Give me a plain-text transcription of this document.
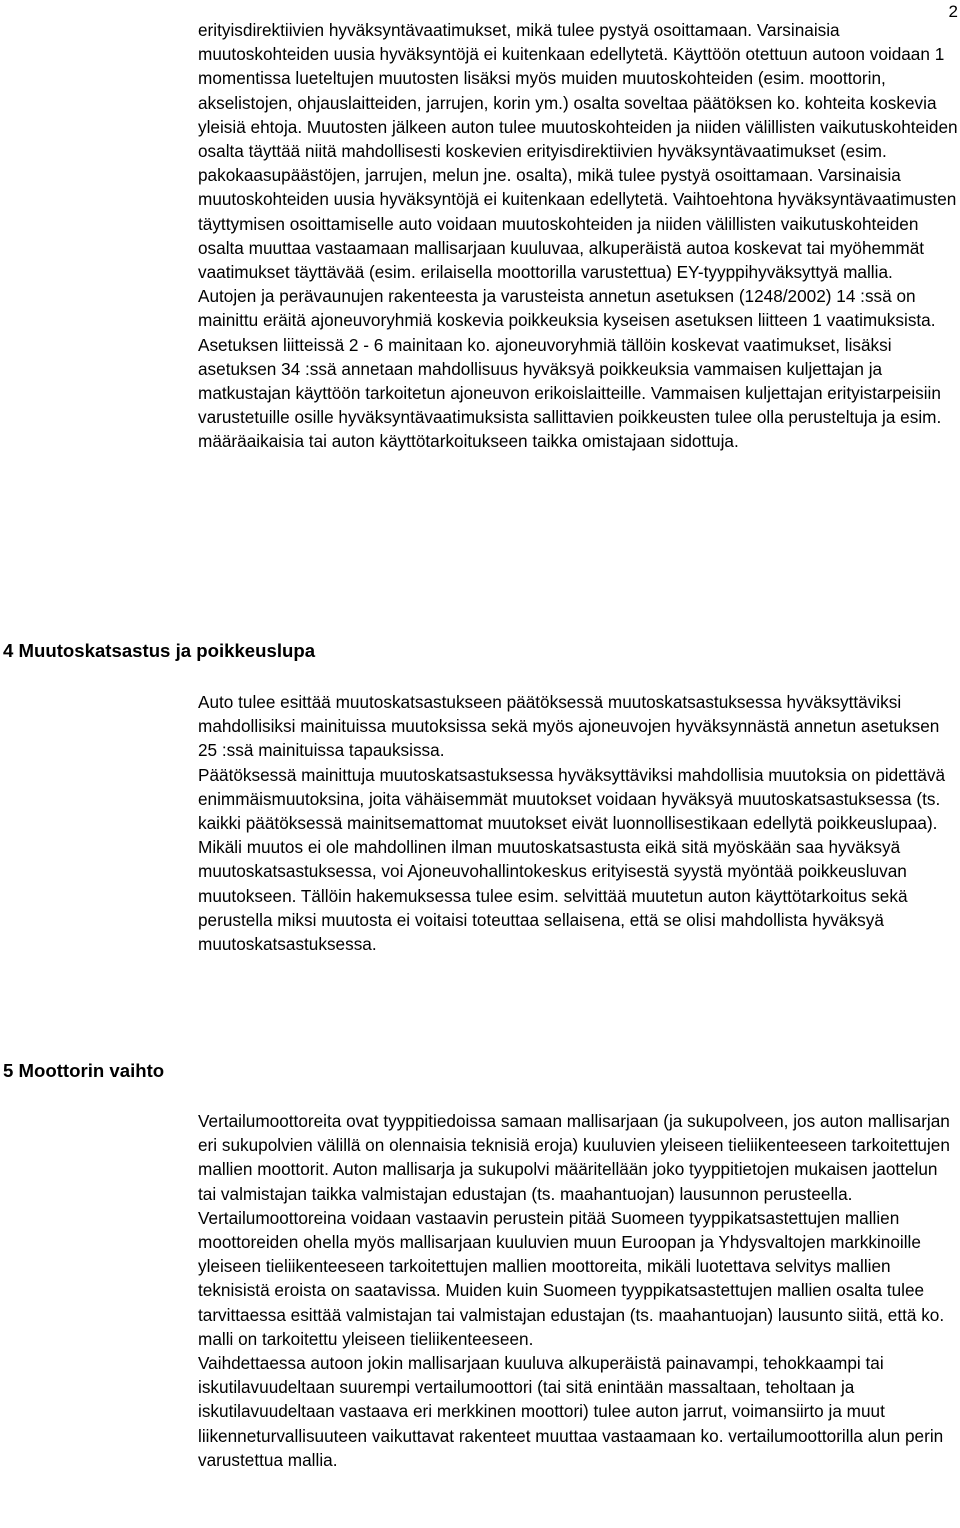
2

erityisdirektiivien hyväksyntävaatimukset, mikä tulee pystyä osoittamaan. Varsinaisia muutoskohteiden uusia hyväksyntöjä ei kuitenkaan edellytetä. Käyttöön otettuun autoon voidaan 1 momentissa lueteltujen muutosten lisäksi myös muiden muutoskohteiden (esim. moottorin, akselistojen, ohjauslaitteiden, jarrujen, korin ym.) osalta soveltaa päätöksen ko. kohteita koskevia yleisiä ehtoja. Muutosten jälkeen auton tulee muutoskohteiden ja niiden välillisten vaikutuskohteiden osalta täyttää niitä mahdollisesti koskevien erityisdirektiivien hyväksyntävaatimukset (esim. pakokaasupäästöjen, jarrujen, melun jne. osalta), mikä tulee pystyä osoittamaan. Varsinaisia muutoskohteiden uusia hyväksyntöjä ei kuitenkaan edellytetä. Vaihtoehtona hyväksyntävaatimusten täyttymisen osoittamiselle auto voidaan muutoskohteiden ja niiden välillisten vaikutuskohteiden osalta muuttaa vastaamaan mallisarjaan kuuluvaa, alkuperäistä autoa koskevat tai myöhemmät vaatimukset täyttävää (esim. erilaisella moottorilla varustettua) EY-tyyppihyväksyttyä mallia.

Autojen ja perävaunujen rakenteesta ja varusteista annetun asetuksen (1248/2002) 14 :ssä on mainittu eräitä ajoneuvoryhmiä koskevia poikkeuksia kyseisen asetuksen liitteen 1 vaatimuksista. Asetuksen liitteissä 2 - 6 mainitaan ko. ajoneuvoryhmiä tällöin koskevat vaatimukset, lisäksi asetuksen 34 :ssä annetaan mahdollisuus hyväksyä poikkeuksia vammaisen kuljettajan ja matkustajan käyttöön tarkoitetun ajoneuvon erikoislaitteille. Vammaisen kuljettajan erityistarpeisiin varustetuille osille hyväksyntävaatimuksista sallittavien poikkeusten tulee olla perusteltuja ja esim. määräaikaisia tai auton käyttötarkoitukseen taikka omistajaan sidottuja.

4 Muutoskatsastus ja poikkeuslupa

Auto tulee esittää muutoskatsastukseen päätöksessä muutoskatsastuksessa hyväksyttäviksi mahdollisiksi mainituissa muutoksissa sekä myös ajoneuvojen hyväksynnästä annetun asetuksen 25 :ssä mainituissa tapauksissa.

Päätöksessä mainittuja muutoskatsastuksessa hyväksyttäviksi mahdollisia muutoksia on pidettävä enimmäismuutoksina, joita vähäisemmät muutokset voidaan hyväksyä muutoskatsastuksessa (ts. kaikki päätöksessä mainitsemattomat muutokset eivät luonnollisestikaan edellytä poikkeuslupaa).

Mikäli muutos ei ole mahdollinen ilman muutoskatsastusta eikä sitä myöskään saa hyväksyä muutoskatsastuksessa, voi Ajoneuvohallintokeskus erityisestä syystä myöntää poikkeusluvan muutokseen. Tällöin hakemuksessa tulee esim. selvittää muutetun auton käyttötarkoitus sekä perustella miksi muutosta ei voitaisi toteuttaa sellaisena, että se olisi mahdollista hyväksyä muutoskatsastuksessa.

5 Moottorin vaihto

Vertailumoottoreita ovat tyyppitiedoissa samaan mallisarjaan (ja sukupolveen, jos auton mallisarjan eri sukupolvien välillä on olennaisia teknisiä eroja) kuuluvien yleiseen tieliikenteeseen tarkoitettujen mallien moottorit. Auton mallisarja ja sukupolvi määritellään joko tyyppitietojen mukaisen jaottelun tai valmistajan taikka valmistajan edustajan (ts. maahantuojan) lausunnon perusteella. Vertailumoottoreina voidaan vastaavin perustein pitää Suomeen tyyppikatsastettujen mallien moottoreiden ohella myös mallisarjaan kuuluvien muun Euroopan ja Yhdysvaltojen markkinoille yleiseen tieliikenteeseen tarkoitettujen mallien moottoreita, mikäli luotettava selvitys mallien teknisistä eroista on saatavissa. Muiden kuin Suomeen tyyppikatsastettujen mallien osalta tulee tarvittaessa esittää valmistajan tai valmistajan edustajan (ts. maahantuojan) lausunto siitä, että ko. malli on tarkoitettu yleiseen tieliikenteeseen.

Vaihdettaessa autoon jokin mallisarjaan kuuluva alkuperäistä painavampi, tehokkaampi tai iskutilavuudeltaan suurempi vertailumoottori (tai sitä enintään massaltaan, teholtaan ja iskutilavuudeltaan vastaava eri merkkinen moottori) tulee auton jarrut, voimansiirto ja muut liikenneturvallisuuteen vaikuttavat rakenteet muuttaa vastaamaan ko. vertailumoottorilla alun perin varustettua mallia.
